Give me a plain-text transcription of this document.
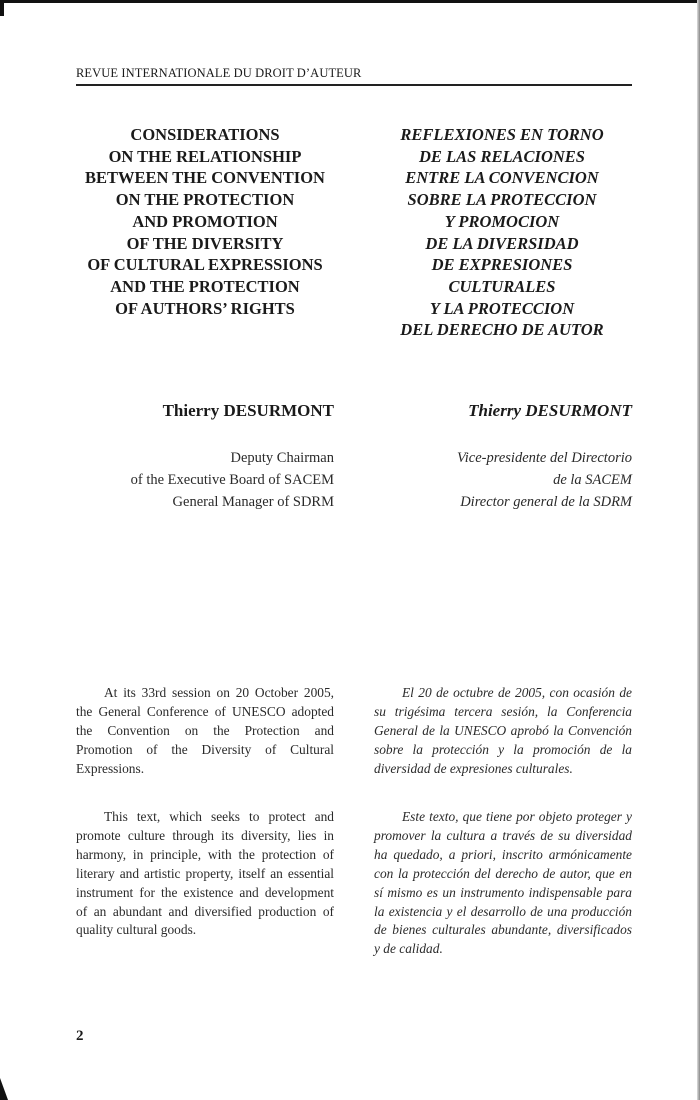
REVUE INTERNATIONALE DU DROIT D’AUTEUR
CONSIDERATIONS
ON THE RELATIONSHIP
BETWEEN THE CONVENTION
ON THE PROTECTION
AND PROMOTION
OF THE DIVERSITY
OF CULTURAL EXPRESSIONS
AND THE PROTECTION
OF AUTHORS’ RIGHTS
REFLEXIONES EN TORNO
DE LAS RELACIONES
ENTRE LA CONVENCION
SOBRE LA PROTECCION
Y PROMOCION
DE LA DIVERSIDAD
DE EXPRESIONES
CULTURALES
Y LA PROTECCION
DEL DERECHO DE AUTOR
Thierry DESURMONT	Thierry DESURMONT
Deputy Chairman
of the Executive Board of SACEM
General Manager of SDRM
Vice-presidente del Directorio
de la SACEM
Director general de la SDRM

At its 33rd session on 20 October 2005, the General Conference of UNESCO adopted the Convention on the Protection and Promotion of the Diversity of Cultural Expressions.

El 20 de octubre de 2005, con ocasión de su trigésima tercera sesión, la Conferencia General de la UNESCO aprobó la Convención sobre la protección y la promoción de la diversidad de expresiones culturales.

This text, which seeks to protect and promote culture through its diversity, lies in harmony, in principle, with the protection of literary and artistic property, itself an essential instrument for the existence and development of an abundant and diversified production of quality cultural goods.

Este texto, que tiene por objeto proteger y promover la cultura a través de su diversidad ha quedado, a priori, inscrito armónicamente con la protección del derecho de autor, que en sí mismo es un instrumento indispensable para la existencia y el desarrollo de una producción de bienes culturales abundante, diversificados y de calidad.

2
